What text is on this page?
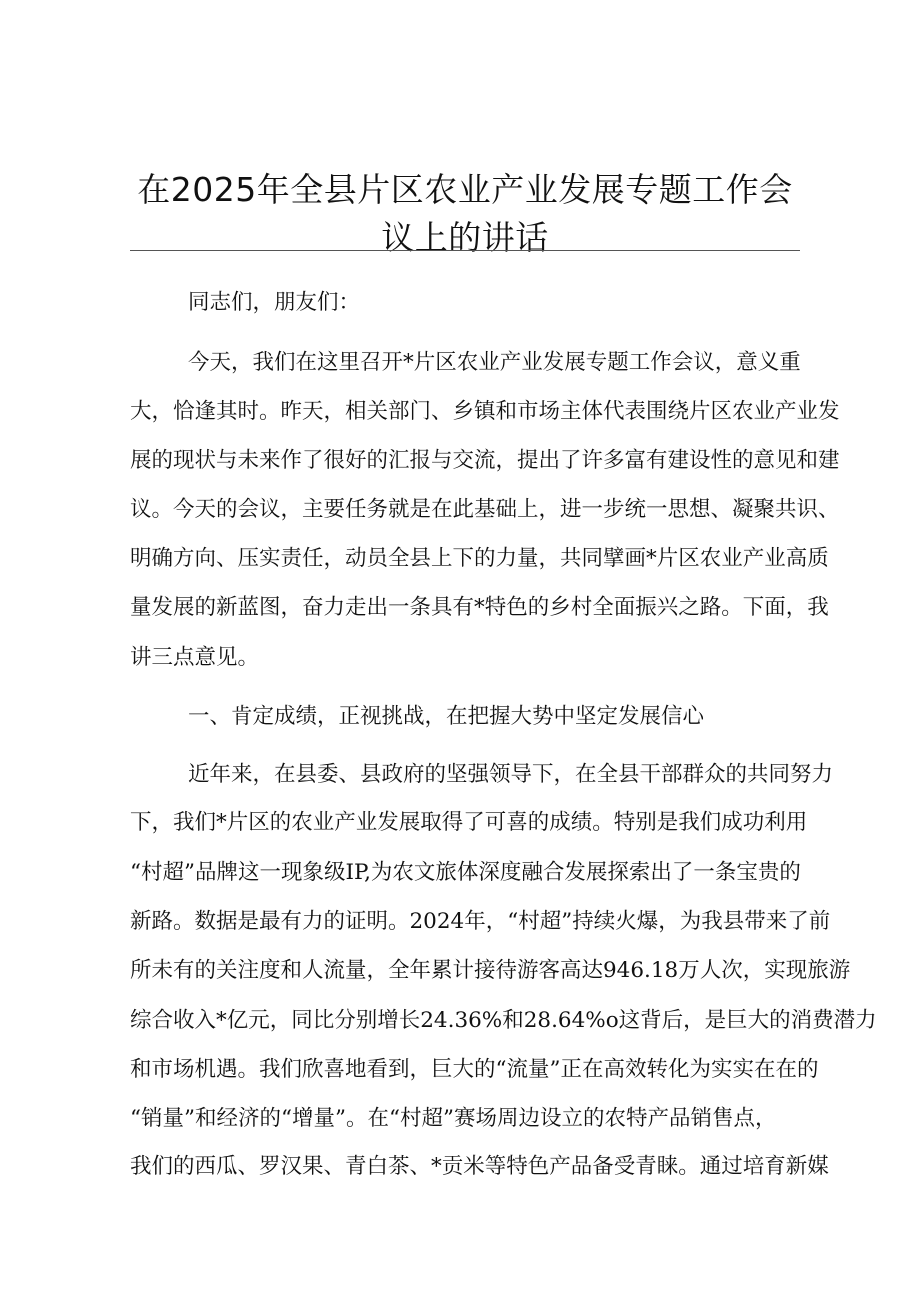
在2025年全县片区农业产业发展专题工作会
议上的讲话
同志们，朋友们：
今天，我们在这里召开*片区农业产业发展专题工作会议，意义重
大，恰逢其时。昨天，相关部门、乡镇和市场主体代表围绕片区农业产业发
展的现状与未来作了很好的汇报与交流，提出了许多富有建设性的意见和建
议。今天的会议，主要任务就是在此基础上，进一步统一思想、凝聚共识、
明确方向、压实责任，动员全县上下的力量，共同擘画*片区农业产业高质
量发展的新蓝图，奋力走出一条具有*特色的乡村全面振兴之路。下面，我
讲三点意见。
一、肯定成绩，正视挑战，在把握大势中坚定发展信心
近年来，在县委、县政府的坚强领导下，在全县干部群众的共同努力
下，我们*片区的农业产业发展取得了可喜的成绩。特别是我们成功利用
“村超”品牌这一现象级IP,为农文旅体深度融合发展探索出了一条宝贵的
新路。数据是最有力的证明。2024年，“村超”持续火爆，为我县带来了前
所未有的关注度和人流量，全年累计接待游客高达946.18万人次，实现旅游
综合收入*亿元，同比分别增长24.36%和28.64%o这背后，是巨大的消费潜力
和市场机遇。我们欣喜地看到，巨大的“流量”正在高效转化为实实在在的
“销量”和经济的“增量”。在“村超”赛场周边设立的农特产品销售点，
我们的西瓜、罗汉果、青白茶、*贡米等特色产品备受青睐。通过培育新媒
